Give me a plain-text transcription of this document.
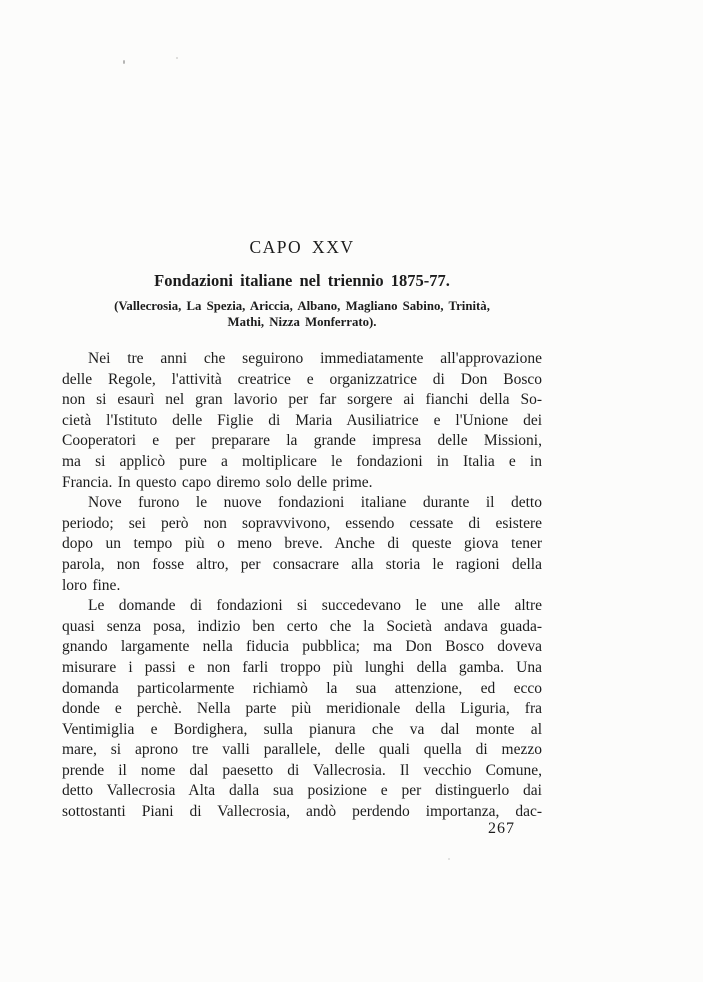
CAPO XXV
Fondazioni italiane nel triennio 1875-77.
(Vallecrosia, La Spezia, Ariccia, Albano, Magliano Sabino, Trinità,
Mathi, Nizza Monferrato).
Nei tre anni che seguirono immediatamente all'approvazione
delle Regole, l'attività creatrice e organizzatrice di Don Bosco
non si esaurì nel gran lavorio per far sorgere ai fianchi della So-
cietà l'Istituto delle Figlie di Maria Ausiliatrice e l'Unione dei
Cooperatori e per preparare la grande impresa delle Missioni,
ma si applicò pure a moltiplicare le fondazioni in Italia e in
Francia. In questo capo diremo solo delle prime.
Nove furono le nuove fondazioni italiane durante il detto
periodo; sei però non sopravvivono, essendo cessate di esistere
dopo un tempo più o meno breve. Anche di queste giova tener
parola, non fosse altro, per consacrare alla storia le ragioni della
loro fine.
Le domande di fondazioni si succedevano le une alle altre
quasi senza posa, indizio ben certo che la Società andava guada-
gnando largamente nella fiducia pubblica; ma Don Bosco doveva
misurare i passi e non farli troppo più lunghi della gamba. Una
domanda particolarmente richiamò la sua attenzione, ed ecco
donde e perchè. Nella parte più meridionale della Liguria, fra
Ventimiglia e Bordighera, sulla pianura che va dal monte al
mare, si aprono tre valli parallele, delle quali quella di mezzo
prende il nome dal paesetto di Vallecrosia. Il vecchio Comune,
detto Vallecrosia Alta dalla sua posizione e per distinguerlo dai
sottostanti Piani di Vallecrosia, andò perdendo importanza, dac-
267
